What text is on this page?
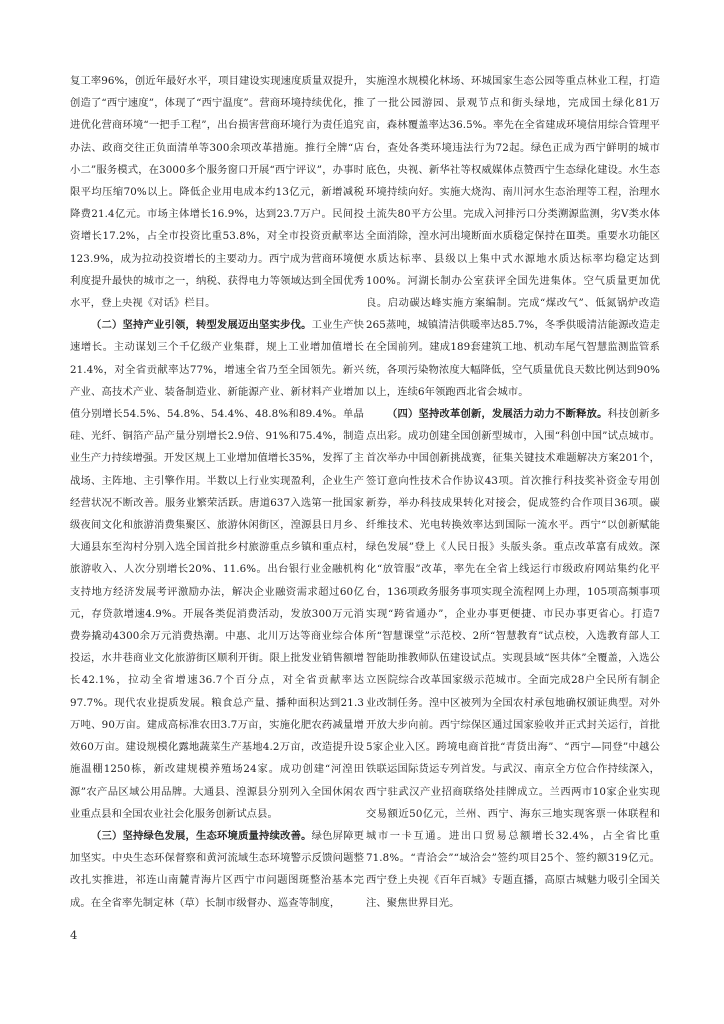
复工率96%，创近年最好水平，项目建设实现速度质量双提升，创造了“西宁速度”，体现了“西宁温度”。营商环境持续优化，推进优化营商环境“一把手工程”，出台损害营商环境行为责任追究办法、政商交往正负面清单等300余项改革措施。推行全牌“店小二”服务模式，在3000多个服务窗口开展“西宁评议”，办事时限平均压缩70%以上。降低企业用电成本约13亿元，新增减税降费21.4亿元。市场主体增长16.9%，达到23.7万户。民间投资增长17.2%，占全市投资比重53.8%，对全市投资贡献率达123.9%，成为拉动投资增长的主要动力。西宁成为营商环境便利度提升最快的城市之一，纳税、获得电力等领域达到全国优秀水平，登上央视《对话》栏目。

（二）坚持产业引领，转型发展迈出坚实步伐。工业生产快速增长。主动谋划三个千亿级产业集群，规上工业增加值增长21.4%，对全省贡献率达77%，增速全省乃至全国领先。新兴产业、高技术产业、装备制造业、新能源产业、新材料产业增加值分别增长54.5%、54.8%、54.4%、48.8%和89.4%。单晶硅、光纤、铜箔产品产量分别增长2.9倍、91%和75.4%，制造业生产力持续增强。开发区规上工业增加值增长35%，发挥了主战场、主阵地、主引擎作用。半数以上行业实现盈利，企业生产经营状况不断改善。服务业繁荣活跃。唐道637入选第一批国家级夜间文化和旅游消费集聚区、旅游休闲街区，湟源县日月乡、大通县东至沟村分别入选全国首批乡村旅游重点乡镇和重点村，旅游收入、人次分别增长20%、11.6%。出台银行业金融机构支持地方经济发展考评激励办法，解决企业融资需求超过60亿元，存贷款增速4.9%。开展各类促消费活动，发放300万元消费券撬动4300余万元消费热潮。中惠、北川万达等商业综合体投运，水井巷商业文化旅游街区顺利开街。限上批发业销售额增长42.1%，拉动全省增速36.7个百分点，对全省贡献率达97.7%。现代农业提质发展。粮食总产量、播种面积达到21.3万吨、90万亩。建成高标准农田3.7万亩，实施化肥农药减量增效60万亩。建设规模化露地蔬菜生产基地4.2万亩，改造提升设施温棚1250栋，新改建规模养殖场24家。成功创建“河湟田源”农产品区域公用品牌。大通县、湟源县分别列入全国休闲农业重点县和全国农业社会化服务创新试点县。

（三）坚持绿色发展，生态环境质量持续改善。绿色屏障更加坚实。中央生态环保督察和黄河流域生态环境警示反馈问题整改扎实推进，祁连山南麓青海片区西宁市问题图斑整治基本完成。在全省率先制定林（草）长制市级督办、巡查等制度，

实施湟水规模化林场、环城国家生态公园等重点林业工程，打造了一批公园游园、景观节点和街头绿地，完成国土绿化81万亩，森林覆盖率达36.5%。率先在全省建成环境信用综合管理平台，查处各类环境违法行为72起。绿色正成为西宁鲜明的城市底色，央视、新华社等权威媒体点赞西宁生态绿化建设。水生态环境持续向好。实施大烧沟、南川河水生态治理等工程，治理水土流失80平方公里。完成入河排污口分类溯源监测，劣Ⅴ类水体全面消除，湟水河出境断面水质稳定保持在Ⅲ类。重要水功能区水质达标率、县级以上集中式水源地水质达标率均稳定达到100%。河湖长制办公室获评全国先进集体。空气质量更加优良。启动碳达峰实施方案编制。完成“煤改气”、低氮锅炉改造265蒸吨，城镇清洁供暖率达85.7%，冬季供暖清洁能源改造走在全国前列。建成189套建筑工地、机动车尾气智慧监测监管系统，各项污染物浓度大幅降低，空气质量优良天数比例达到90%以上，连续6年领跑西北省会城市。

（四）坚持改革创新，发展活力动力不断释放。科技创新多点出彩。成功创建全国创新型城市，入围“科创中国”试点城市。首次举办中国创新挑战赛，征集关键技术难题解决方案201个，签订意向性技术合作协议43项。首次推行科技奖补资金专用创新券，举办科技成果转化对接会，促成签约合作项目36项。碳纤维技术、光电转换效率达到国际一流水平。西宁“以创新赋能绿色发展”登上《人民日报》头版头条。重点改革富有成效。深化“放管服”改革，率先在全省上线运行市级政府网站集约化平台，136项政务服务事项实现全流程网上办理，105项高频事项实现“跨省通办”，企业办事更便捷、市民办事更省心。打造7所“智慧课堂”示范校、2所“智慧教育”试点校，入选教育部人工智能助推教师队伍建设试点。实现县域“医共体”全覆盖，入选公立医院综合改革国家级示范城市。全面完成28户全民所有制企业改制任务。湟中区被列为全国农村承包地确权颁证典型。对外开放大步向前。西宁综保区通过国家验收并正式封关运行，首批5家企业入区。跨境电商首批“青货出海”、“西宁—同登”中越公铁联运国际货运专列首发。与武汉、南京全方位合作持续深入，西宁驻武汉产业招商联络处挂牌成立。兰西两市10家企业实现交易额近50亿元，兰州、西宁、海东三地实现客票一体联程和城市一卡互通。进出口贸易总额增长32.4%，占全省比重71.8%。“青洽会”“域洽会”签约项目25个、签约额319亿元。西宁登上央视《百年百城》专题直播，高原古城魅力吸引全国关注、聚焦世界目光。

4
